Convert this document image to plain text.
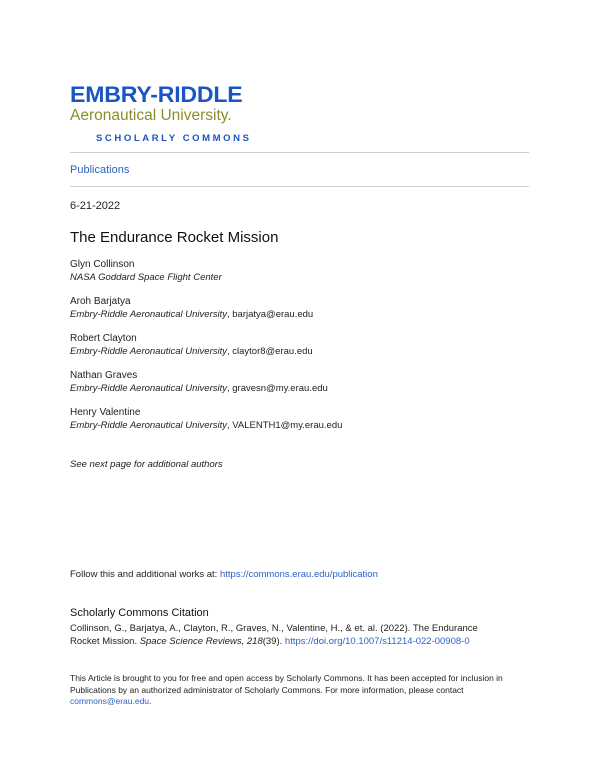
EMBRY-RIDDLE
Aeronautical University.
SCHOLARLY COMMONS
Publications
6-21-2022
The Endurance Rocket Mission
Glyn Collinson
NASA Goddard Space Flight Center
Aroh Barjatya
Embry-Riddle Aeronautical University, barjatya@erau.edu
Robert Clayton
Embry-Riddle Aeronautical University, claytor8@erau.edu
Nathan Graves
Embry-Riddle Aeronautical University, gravesn@my.erau.edu
Henry Valentine
Embry-Riddle Aeronautical University, VALENTH1@my.erau.edu
See next page for additional authors
Follow this and additional works at: https://commons.erau.edu/publication
Scholarly Commons Citation
Collinson, G., Barjatya, A., Clayton, R., Graves, N., Valentine, H., & et. al. (2022). The Endurance Rocket Mission. Space Science Reviews, 218(39). https://doi.org/10.1007/s11214-022-00908-0
This Article is brought to you for free and open access by Scholarly Commons. It has been accepted for inclusion in Publications by an authorized administrator of Scholarly Commons. For more information, please contact commons@erau.edu.
